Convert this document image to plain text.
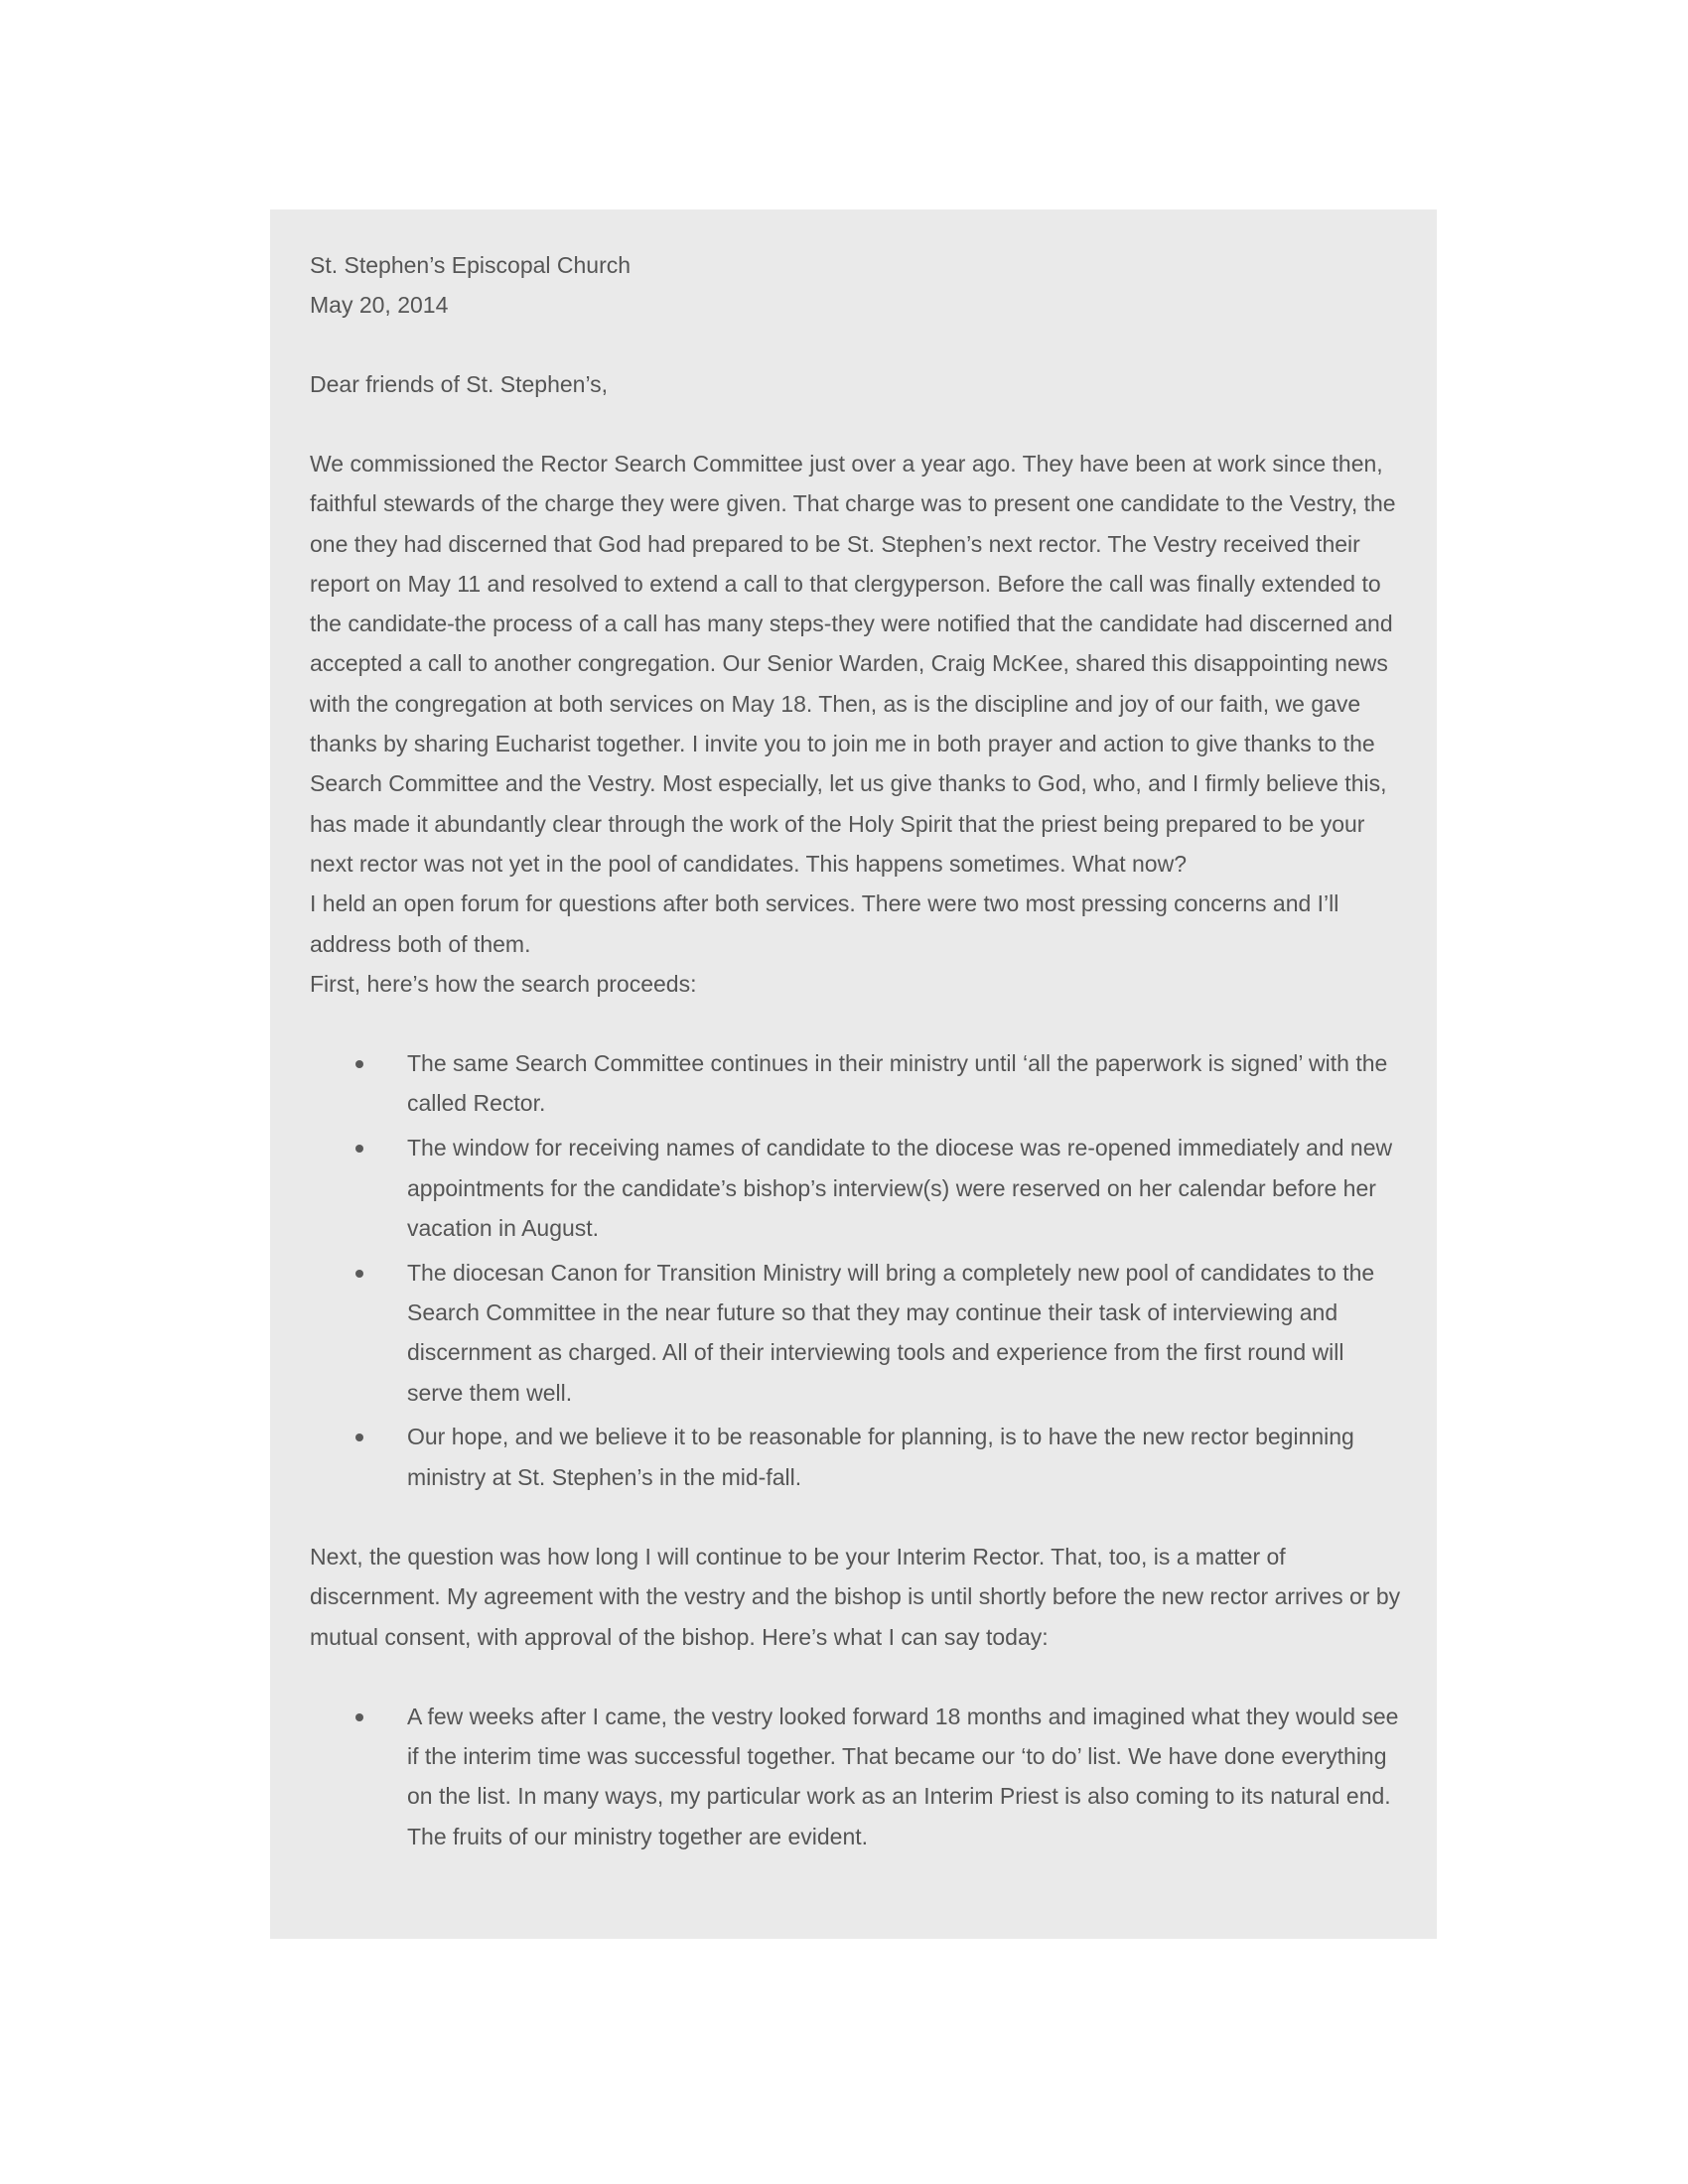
St. Stephen’s Episcopal Church

May 20, 2014

Dear friends of St. Stephen’s,

We commissioned the Rector Search Committee just over a year ago. They have been at work since then, faithful stewards of the charge they were given. That charge was to present one candidate to the Vestry, the one they had discerned that God had prepared to be St. Stephen’s next rector. The Vestry received their report on May 11 and resolved to extend a call to that clergyperson. Before the call was finally extended to the candidate-the process of a call has many steps-they were notified that the candidate had discerned and accepted a call to another congregation. Our Senior Warden, Craig McKee, shared this disappointing news with the congregation at both services on May 18. Then, as is the discipline and joy of our faith, we gave thanks by sharing Eucharist together. I invite you to join me in both prayer and action to give thanks to the Search Committee and the Vestry. Most especially, let us give thanks to God, who, and I firmly believe this, has made it abundantly clear through the work of the Holy Spirit that the priest being prepared to be your next rector was not yet in the pool of candidates. This happens sometimes. What now?

I held an open forum for questions after both services. There were two most pressing concerns and I’ll address both of them.

First, here’s how the search proceeds:

The same Search Committee continues in their ministry until ‘all the paperwork is signed’ with the called Rector.
The window for receiving names of candidate to the diocese was re-opened immediately and new appointments for the candidate’s bishop’s interview(s) were reserved on her calendar before her vacation in August.
The diocesan Canon for Transition Ministry will bring a completely new pool of candidates to the Search Committee in the near future so that they may continue their task of interviewing and discernment as charged. All of their interviewing tools and experience from the first round will serve them well.
Our hope, and we believe it to be reasonable for planning, is to have the new rector beginning ministry at St. Stephen’s in the mid-fall.

Next, the question was how long I will continue to be your Interim Rector. That, too, is a matter of discernment. My agreement with the vestry and the bishop is until shortly before the new rector arrives or by mutual consent, with approval of the bishop. Here’s what I can say today:

A few weeks after I came, the vestry looked forward 18 months and imagined what they would see if the interim time was successful together. That became our ‘to do’ list. We have done everything on the list. In many ways, my particular work as an Interim Priest is also coming to its natural end. The fruits of our ministry together are evident.
